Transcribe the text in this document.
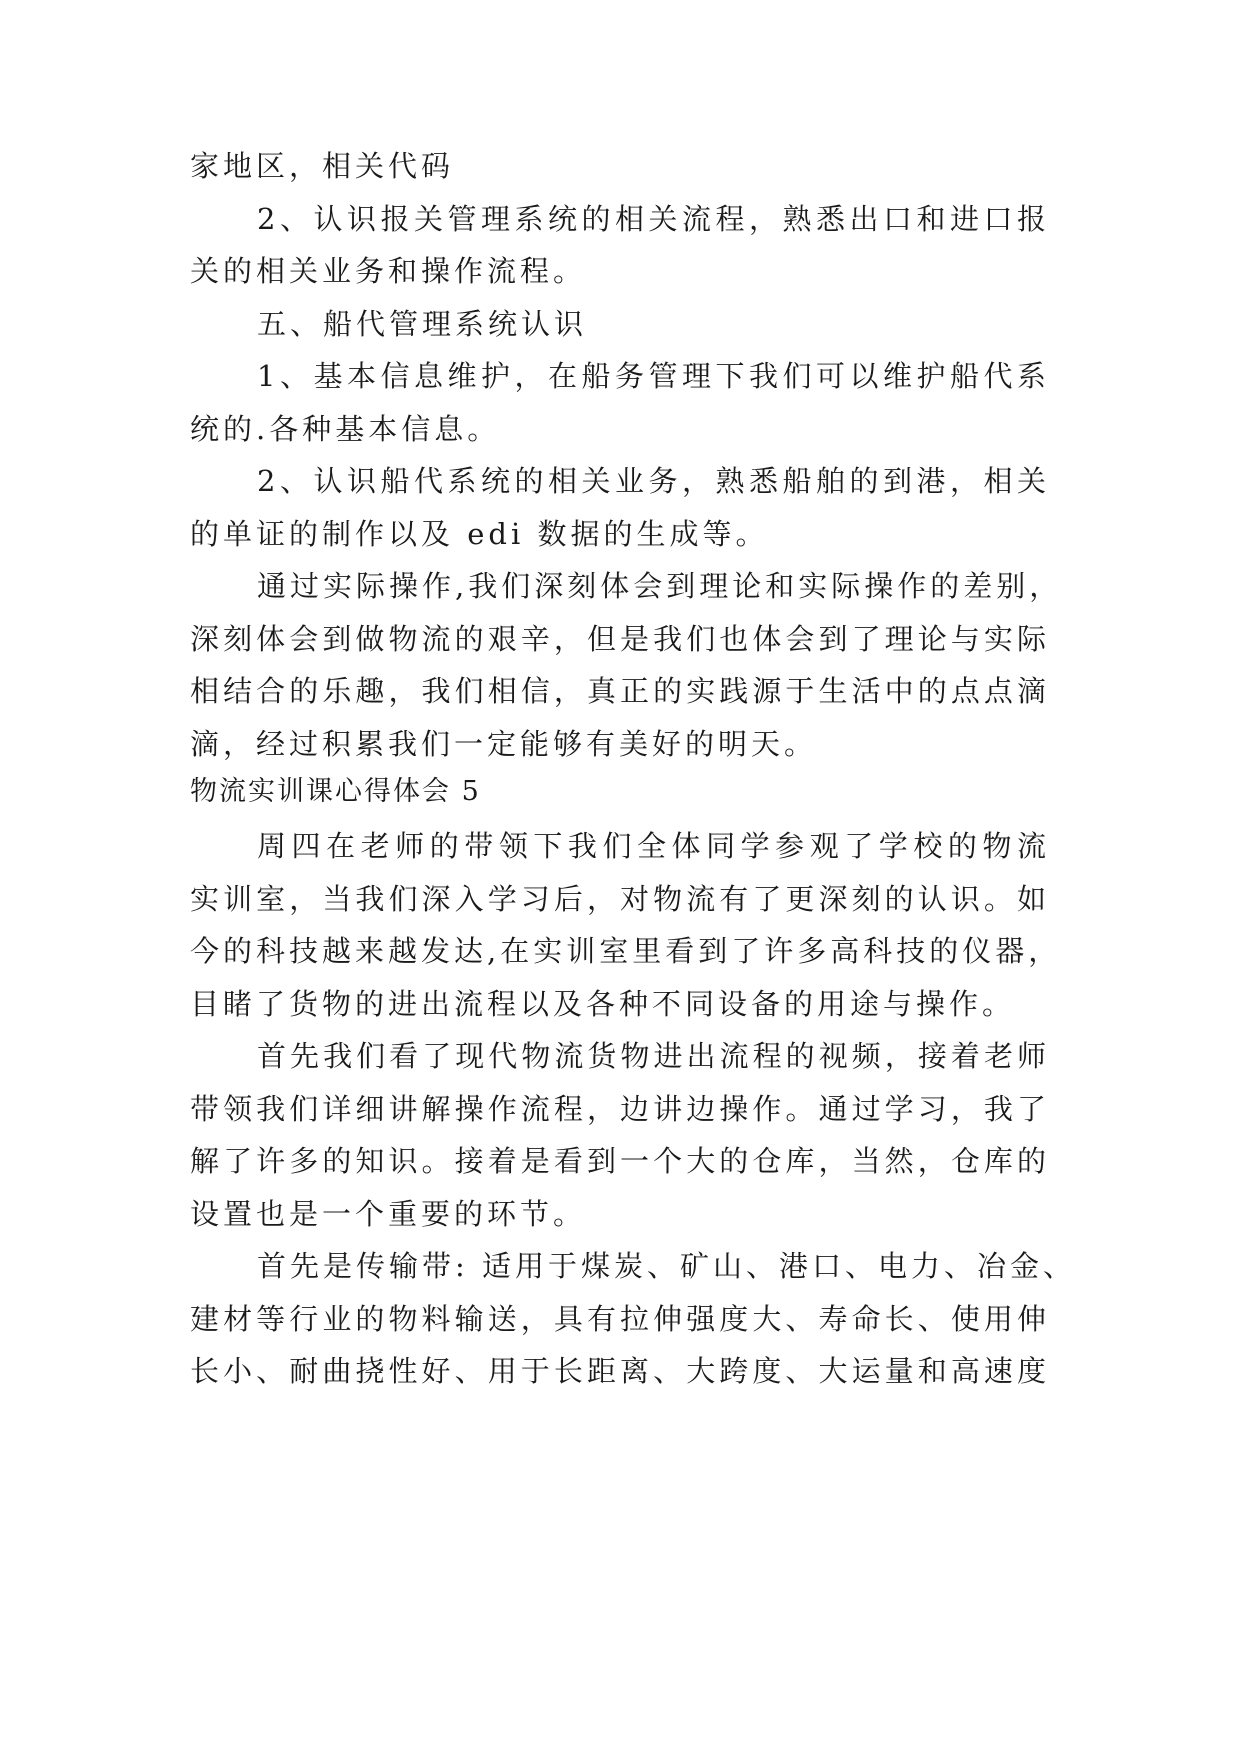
家地区，相关代码
2、认识报关管理系统的相关流程，熟悉出口和进口报
关的相关业务和操作流程。
五、船代管理系统认识
1、基本信息维护，在船务管理下我们可以维护船代系
统的.各种基本信息。
2、认识船代系统的相关业务，熟悉船舶的到港，相关
的单证的制作以及 edi 数据的生成等。
通过实际操作,我们深刻体会到理论和实际操作的差别，
深刻体会到做物流的艰辛，但是我们也体会到了理论与实际
相结合的乐趣，我们相信，真正的实践源于生活中的点点滴
滴，经过积累我们一定能够有美好的明天。
物流实训课心得体会 5
周四在老师的带领下我们全体同学参观了学校的物流
实训室，当我们深入学习后，对物流有了更深刻的认识。如
今的科技越来越发达,在实训室里看到了许多高科技的仪器，
目睹了货物的进出流程以及各种不同设备的用途与操作。
首先我们看了现代物流货物进出流程的视频，接着老师
带领我们详细讲解操作流程，边讲边操作。通过学习，我了
解了许多的知识。接着是看到一个大的仓库，当然，仓库的
设置也是一个重要的环节。
首先是传输带: 适用于煤炭、矿山、港口、电力、冶金、
建材等行业的物料输送，具有拉伸强度大、寿命长、使用伸
长小、耐曲挠性好、用于长距离、大跨度、大运量和高速度
